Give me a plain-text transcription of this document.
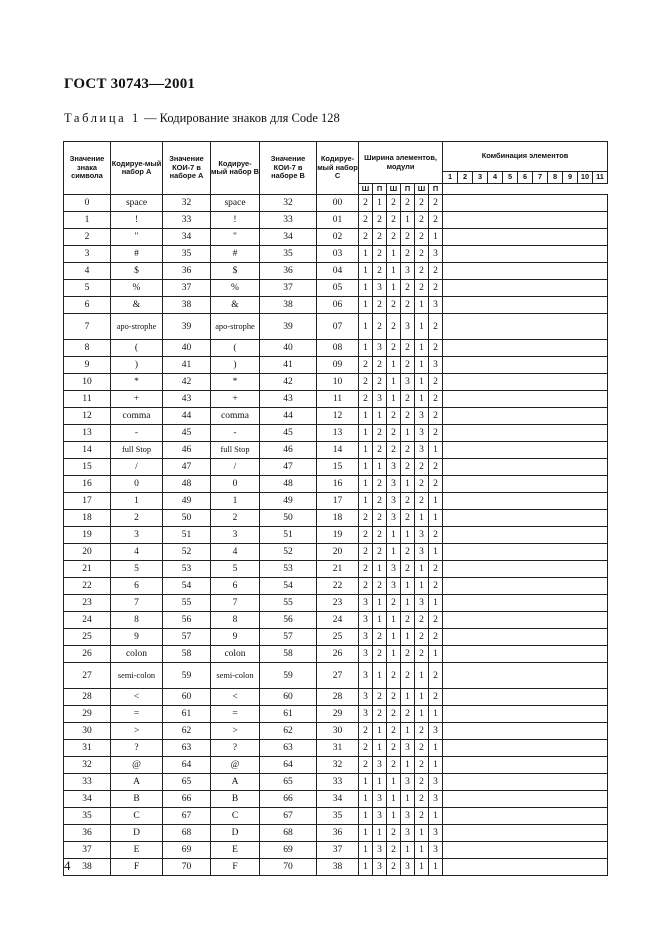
ГОСТ 30743—2001
Таблица 1 — Кодирование знаков для Code 128
Значение знака символа	Кодируе-мый набор A	Значение КОИ-7 в наборе A	Кодируе-мый набор B	Значение КОИ-7 в наборе B	Кодируе-мый набор C	Ширина элементов, модули						Комбинация элементов										
												1	2	3	4	5	6	7	8	9	10	11
						Ш	П	Ш	П	Ш	П											
0	space	32	space	32	00	2	1	2	2	2	2											

1	!	33	!	33	01	2	2	2	1	2	2											

2	"	34	"	34	02	2	2	2	2	2	1											

3	#	35	#	35	03	1	2	1	2	2	3											

4	$	36	$	36	04	1	2	1	3	2	2											

5	%	37	%	37	05	1	3	1	2	2	2											

6	&	38	&	38	06	1	2	2	2	1	3											

7	apo-strophe	39	apo-strophe	39	07	1	2	2	3	1	2											

8	(	40	(	40	08	1	3	2	2	1	2											

9	)	41	)	41	09	2	2	1	2	1	3											

10	*	42	*	42	10	2	2	1	3	1	2											

11	+	43	+	43	11	2	3	1	2	1	2											

12	comma	44	comma	44	12	1	1	2	2	3	2											

13	-	45	-	45	13	1	2	2	1	3	2											

14	full Stop	46	full Stop	46	14	1	2	2	2	3	1											

15	/	47	/	47	15	1	1	3	2	2	2											

16	0	48	0	48	16	1	2	3	1	2	2											

17	1	49	1	49	17	1	2	3	2	2	1											

18	2	50	2	50	18	2	2	3	2	1	1											

19	3	51	3	51	19	2	2	1	1	3	2											

20	4	52	4	52	20	2	2	1	2	3	1											

21	5	53	5	53	21	2	1	3	2	1	2											

22	6	54	6	54	22	2	2	3	1	1	2											

23	7	55	7	55	23	3	1	2	1	3	1											

24	8	56	8	56	24	3	1	1	2	2	2											

25	9	57	9	57	25	3	2	1	1	2	2											

26	colon	58	colon	58	26	3	2	1	2	2	1											

27	semi-colon	59	semi-colon	59	27	3	1	2	2	1	2											

28	<	60	<	60	28	3	2	2	1	1	2											

29	=	61	=	61	29	3	2	2	2	1	1											

30	>	62	>	62	30	2	1	2	1	2	3											

31	?	63	?	63	31	2	1	2	3	2	1											

32	@	64	@	64	32	2	3	2	1	2	1											

33	A	65	A	65	33	1	1	1	3	2	3											

34	B	66	B	66	34	1	3	1	1	2	3											

35	C	67	C	67	35	1	3	1	3	2	1											

36	D	68	D	68	36	1	1	2	3	1	3											

37	E	69	E	69	37	1	3	2	1	1	3											

38	F	70	F	70	38	1	3	2	3	1	1											
4
